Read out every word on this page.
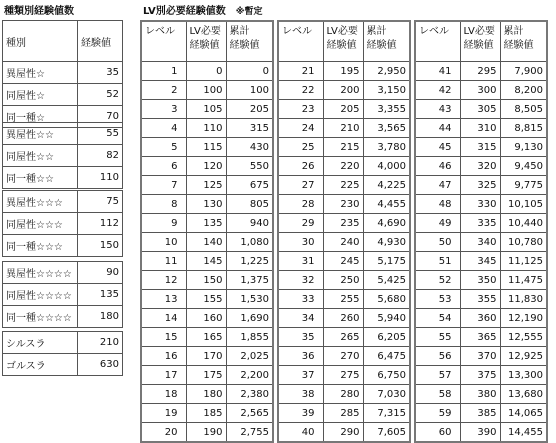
種類別経験値数	LV別必要経験値数 ※暫定
種別	経験値
異屋性☆	35
同屋性☆	52
同一種☆	70
異屋性☆☆	55
同屋性☆☆	82
同一種☆☆	110
異屋性☆☆☆	75
同屋性☆☆☆	112
同一種☆☆☆	150
異屋性☆☆☆☆	90
同屋性☆☆☆☆	135
同一種☆☆☆☆	180
シルスラ	210
ゴルスラ	630
レベル	LV必要
経験値	累計
経験値
1	0	0
2	100	100
3	105	205
4	110	315
5	115	430
6	120	550
7	125	675
8	130	805
9	135	940
10	140	1,080
11	145	1,225
12	150	1,375
13	155	1,530
14	160	1,690
15	165	1,855
16	170	2,025
17	175	2,200
18	180	2,380
19	185	2,565
20	190	2,755
レベル	LV必要
経験値	累計
経験値
21	195	2,950
22	200	3,150
23	205	3,355
24	210	3,565
25	215	3,780
26	220	4,000
27	225	4,225
28	230	4,455
29	235	4,690
30	240	4,930
31	245	5,175
32	250	5,425
33	255	5,680
34	260	5,940
35	265	6,205
36	270	6,475
37	275	6,750
38	280	7,030
39	285	7,315
40	290	7,605
レベル	LV必要
経験値	累計
経験値
41	295	7,900
42	300	8,200
43	305	8,505
44	310	8,815
45	315	9,130
46	320	9,450
47	325	9,775
48	330	10,105
49	335	10,440
50	340	10,780
51	345	11,125
52	350	11,475
53	355	11,830
54	360	12,190
55	365	12,555
56	370	12,925
57	375	13,300
58	380	13,680
59	385	14,065
60	390	14,455
